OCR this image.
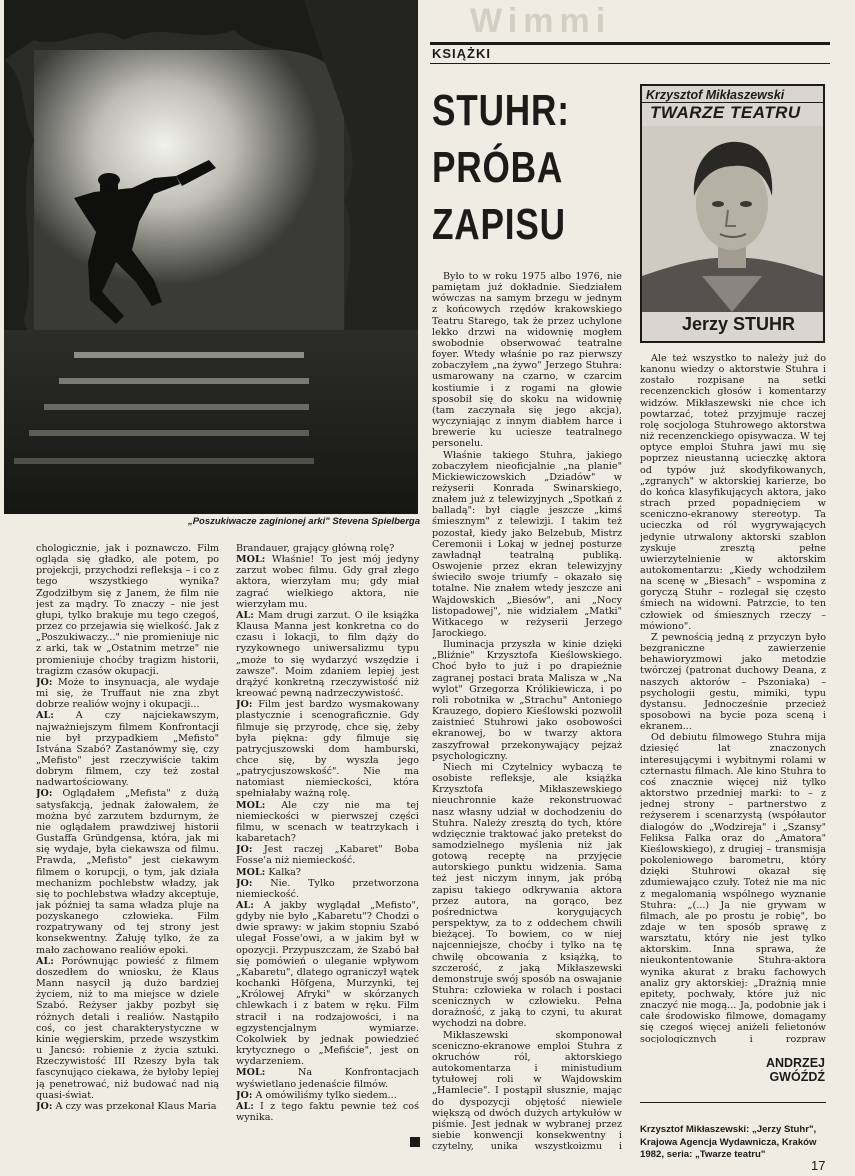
Wimmi
„Poszukiwacze zaginionej arki" Stevena Spielberga

chologicznie, jak i poznawczo. Film ogląda się gładko, ale potem, po projekcji, przychodzi refleksja – i co z tego wszystkiego wynika? Zgodziłbym się z Janem, że film nie jest za mądry. To znaczy – nie jest głupi, tylko brakuje mu tego czegoś, przez co przejawia się wielkość. Jak z „Poszukiwaczy..." nie promieniuje nic z arki, tak w „Ostatnim metrze" nie promieniuje choćby tragizm historii, tragizm czasów okupacji.

JO: Może to insynuacja, ale wydaje mi się, że Truffaut nie zna zbyt dobrze realiów wojny i okupacji...

AL: A czy najciekawszym, najważniejszym filmem Konfrontacji nie był przypadkiem „Mefisto" Istvána Szabó? Zastanówmy się, czy „Mefisto" jest rzeczywiście takim dobrym filmem, czy też został nadwartościowany.

JO: Oglądałem „Mefista" z dużą satysfakcją, jednak żałowałem, że można być zarzutem bzdurnym, że nie oglądałem prawdziwej historii Gustaffa Gründgensa, która, jak mi się wydaje, była ciekawsza od filmu. Prawda, „Mefisto" jest ciekawym filmem o korupcji, o tym, jak działa mechanizm pochlebstw władzy, jak się to pochlebstwa władzy akceptuje, jak później ta sama władza pluje na pozyskanego człowieka. Film rozpatrywany od tej strony jest konsekwentny. Żałuję tylko, że za mało zachowano realiów epoki.

AL: Porównując powieść z filmem doszedłem do wniosku, że Klaus Mann nasycił ją dużo bardziej życiem, niż to ma miejsce w dziele Szabó. Reżyser jakby pozbył się różnych detali i realiów. Nastąpiło coś, co jest charakterystyczne w kinie węgierskim, przede wszystkim u Jancsó: robienie z życia sztuki. Rzeczywistość III Rzeszy była tak fascynująco ciekawa, że byłoby lepiej ją penetrować, niż budować nad nią quasi-świat.

JO: A czy was przekonał Klaus Maria

Brandauer, grający główną rolę?

MOL: Właśnie! To jest mój jedyny zarzut wobec filmu. Gdy grał złego aktora, wierzyłam mu; gdy miał zagrać wielkiego aktora, nie wierzyłam mu.

AL: Mam drugi zarzut. O ile książka Klausa Manna jest konkretna co do czasu i lokacji, to film dąży do ryzykownego uniwersalizmu typu „może to się wydarzyć wszędzie i zawsze". Moim zdaniem lepiej jest drążyć konkretną rzeczywistość niż kreować pewną nadrzeczywistość.

JO: Film jest bardzo wysmakowany plastycznie i scenograficznie. Gdy filmuje się przyrodę, chce się, żeby była piękna: gdy filmuje się patrycjuszowski dom hamburski, chce się, by wyszła jego „patrycjuszowskość". Nie ma natomiast niemieckości, która spełniałaby ważną rolę.

MOL: Ale czy nie ma tej niemieckości w pierwszej części filmu, w scenach w teatrzykach i kabaretach?

JO: Jest raczej „Kabaret" Boba Fosse'a niż niemieckość.

MOL: Kalka?

JO: Nie. Tylko przetworzona niemieckość.

AL: A jakby wyglądał „Mefisto", gdyby nie było „Kabaretu"? Chodzi o dwie sprawy: w jakim stopniu Szabó ulegał Fosse'owi, a w jakim był w opozycji. Przypuszczam, że Szabó bał się pomówień o uleganie wpływom „Kabaretu", dlatego ograniczył wątek kochanki Höfgena, Murzynki, tej „Królowej Afryki" w skórzanych chlewkach i z batem w ręku. Film stracił i na rodzajowości, i na egzystencjalnym wymiarze. Cokolwiek by jednak powiedzieć krytycznego o „Mefiście", jest on wydarzeniem.

MOL: Na Konfrontacjach wyświetlano jedenaście filmów.

JO: A omówiliśmy tylko siedem...

AL: I z tego faktu pewnie też coś wynika.

KSIĄŻKI
STUHR:
PRÓBA
ZAPISU
Krzysztof Mikłaszewski
TWARZE TEATRU
Jerzy STUHR

Było to w roku 1975 albo 1976, nie pamiętam już dokładnie. Siedziałem wówczas na samym brzegu w jednym z końcowych rzędów krakowskiego Teatru Starego, tak że przez uchylone lekko drzwi na widownię mogłem swobodnie obserwować teatralne foyer. Wtedy właśnie po raz pierwszy zobaczyłem „na żywo" Jerzego Stuhra: usmarowany na czarno, w czarcim kostiumie i z rogami na głowie sposobił się do skoku na widownię (tam zaczynała się jego akcja), wyczyniając z innym diabłem harce i brewerie ku uciesze teatralnego personelu.

Właśnie takiego Stuhra, jakiego zobaczyłem nieoficjalnie „na planie" Mickiewiczowskich „Dziadów" w reżyserii Konrada Swinarskiego, znałem już z telewizyjnych „Spotkań z balladą": był ciągle jeszcze „kimś śmiesznym" z telewizji. I takim też pozostał, kiedy jako Belzebub, Mistrz Ceremonii i Lokaj w jednej posturze zawładnął teatralną publiką. Oswojenie przez ekran telewizyjny świeciło swoje triumfy – okazało się totalne. Nie znałem wtedy jeszcze ani Wajdowskich „Biesów", ani „Nocy listopadowej", nie widziałem „Matki" Witkacego w reżyserii Jerzego Jarockiego.

Iluminacja przyszła w kinie dzięki „Bliźnie" Krzysztofa Kieślowskiego. Choć było to już i po drapieżnie zagranej postaci brata Malisza w „Na wylot" Grzegorza Królikiewicza, i po roli robotnika w „Strachu" Antoniego Krauzego, dopiero Kieślowski pozwolił zaistnieć Stuhrowi jako osobowości ekranowej, bo w twarzy aktora zaszyfrował przekonywający pejzaż psychologiczny.

Niech mi Czytelnicy wybaczą te osobiste refleksje, ale książka Krzysztofa Mikłaszewskiego nieuchronnie każe rekonstruować nasz własny udział w dochodzeniu do Stuhra. Należy zresztą do tych, które wdzięcznie traktować jako pretekst do samodzielnego myślenia niż jak gotową receptę na przyjęcie autorskiego punktu widzenia. Sama też jest niczym innym, jak próbą zapisu takiego odkrywania aktora przez autora, na gorąco, bez pośrednictwa korygujących perspektyw, za to z oddechem chwili bieżącej. To bowiem, co w niej najcenniejsze, choćby i tylko na tę chwilę obcowania z książką, to szczerość, z jaką Mikłaszewski demonstruje swój sposób na oswajanie Stuhra: człowieka w rolach i postaci scenicznych w człowieku. Pełna dorażność, z jaką to czyni, tu akurat wychodzi na dobre.

Mikłaszewski skomponował sceniczno-ekranowe emploi Stuhra z okruchów ról, aktorskiego autokomentarza i ministudium tytułowej roli w Wajdowskim „Hamlecie". I postąpił słusznie, mając do dyspozycji objętość niewiele większą od dwóch dużych artykułów w piśmie. Jest jednak w wybranej przez siebie konwencji konsekwentny i czytelny, unika wszystkoizmu i

Ale też wszystko to należy już do kanonu wiedzy o aktorstwie Stuhra i zostało rozpisane na setki recenzenckich głosów i komentarzy widzów. Mikłaszewski nie chce ich powtarzać, toteż przyjmuje raczej rolę socjologa Stuhrowego aktorstwa niż recenzenckiego opisywacza. W tej optyce emploi Stuhra jawi mu się poprzez nieustanną ucieczkę aktora od typów już skodyfikowanych, „zgranych" w aktorskiej karierze, bo do końca klasyfikujących aktora, jako strach przed popadnięciem w sceniczno-ekranowy stereotyp. Ta ucieczka od ról wygrywających jedynie utrwalony aktorski szablon zyskuje zresztą pełne uwierzytelnienie w aktorskim autokomentarzu: „Kiedy wchodziłem na scenę w „Biesach" – wspomina z goryczą Stuhr – rozlegał się często śmiech na widowni. Patrzcie, to ten człowiek od śmiesznych rzeczy – mówiono".

Z pewnością jedną z przyczyn było bezgraniczne zawierzenie behawioryzmowi jako metodzie twórczej (patronat duchowy Deana, z naszych aktorów – Pszoniaka) – psychologii gestu, mimiki, typu dystansu. Jednocześnie przecież sposobowi na bycie poza sceną i ekranem...

Od debiutu filmowego Stuhra mija dziesięć lat znaczonych interesującymi i wybitnymi rolami w czternastu filmach. Ale kino Stuhra to coś znacznie więcej niż tylko aktorstwo przedniej marki: to – z jednej strony – partnerstwo z reżyserem i scenarzystą (współautor dialogów do „Wodzireja" i „Szansy" Feliksa Falka oraz do „Amatora" Kieślowskiego), z drugiej – transmisja pokoleniowego barometru, który dzięki Stuhrowi okazał się zdumiewająco czuły. Toteż nie ma nic z megalomanią wspólnego wyznanie Stuhra: „(...) Ja nie grywam w filmach, ale po prostu je robię", bo zdaje w ten sposób sprawę z warsztatu, który nie jest tylko aktorskim. Inna sprawa, że nieukontentowanie Stuhra-aktora wynika akurat z braku fachowych analiz gry aktorskiej: „Drażnią mnie epitety, pochwały, które już nic znaczyć nie mogą... Ja, podobnie jak i całe środowisko filmowe, domagamy się czegoś więcej aniżeli felietonów socjologicznych i rozpraw

ANDRZEJ
GWÓŹDŹ
Krzysztof Mikłaszewski: „Jerzy Stuhr", Krajowa Agencja Wydawnicza, Kraków 1982, seria: „Twarze teatru"
17
